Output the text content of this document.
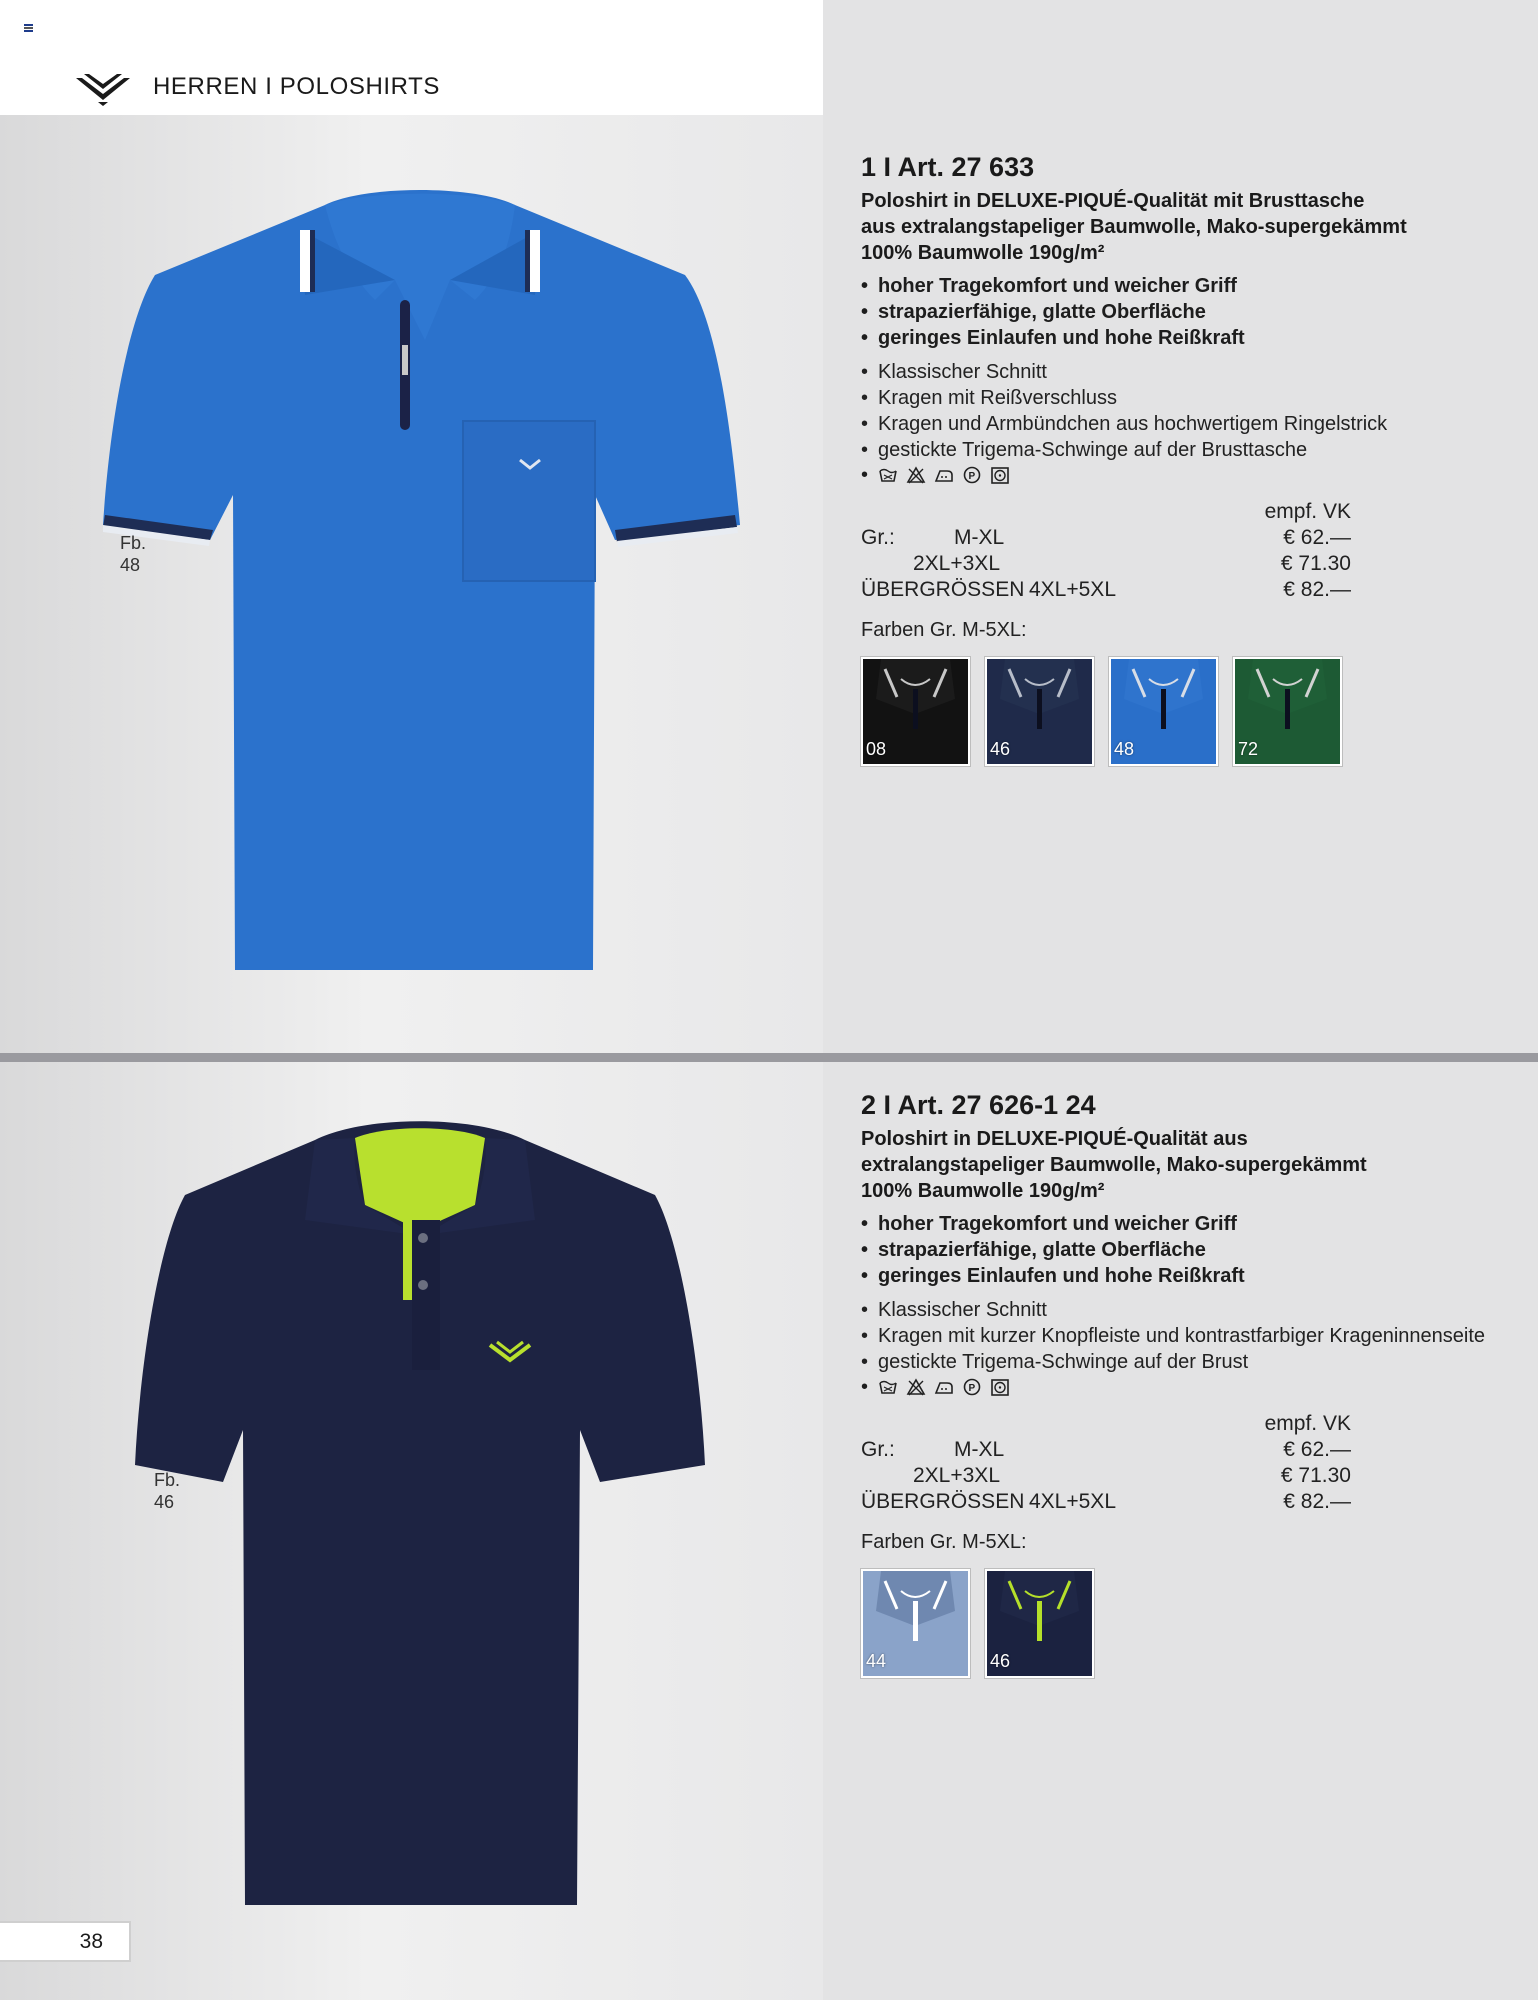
HERREN I POLOSHIRTS
Fb.
48
Fb.
46
38
1 I Art. 27 633
Poloshirt in DELUXE-PIQUÉ-Qualität mit Brusttasche
aus extralangstapeliger Baumwolle, Mako-supergekämmt
100% Baumwolle 190g/m²
• hoher Tragekomfort und weicher Griff
• strapazierfähige, glatte Oberfläche
• geringes Einlaufen und hohe Reißkraft
• Klassischer Schnitt
• Kragen mit Reißverschluss
• Kragen und Armbündchen aus hochwertigem Ringelstrick
• gestickte Trigema-Schwinge auf der Brusttasche
• P
empf. VK
Gr.:	M-XL	€ 62.—
2XL+3XL	€ 71.30
ÜBERGRÖSSEN 4XL+5XL	€ 82.—
Farben Gr. M-5XL:
08	46	48	72
2 I Art. 27 626-1 24
Poloshirt in DELUXE-PIQUÉ-Qualität aus
extralangstapeliger Baumwolle, Mako-supergekämmt
100% Baumwolle 190g/m²
• hoher Tragekomfort und weicher Griff
• strapazierfähige, glatte Oberfläche
• geringes Einlaufen und hohe Reißkraft
• Klassischer Schnitt
• Kragen mit kurzer Knopfleiste und kontrastfarbiger Krageninnenseite
• gestickte Trigema-Schwinge auf der Brust
• P
empf. VK
Gr.:	M-XL	€ 62.—
2XL+3XL	€ 71.30
ÜBERGRÖSSEN 4XL+5XL	€ 82.—
Farben Gr. M-5XL:
44	46
